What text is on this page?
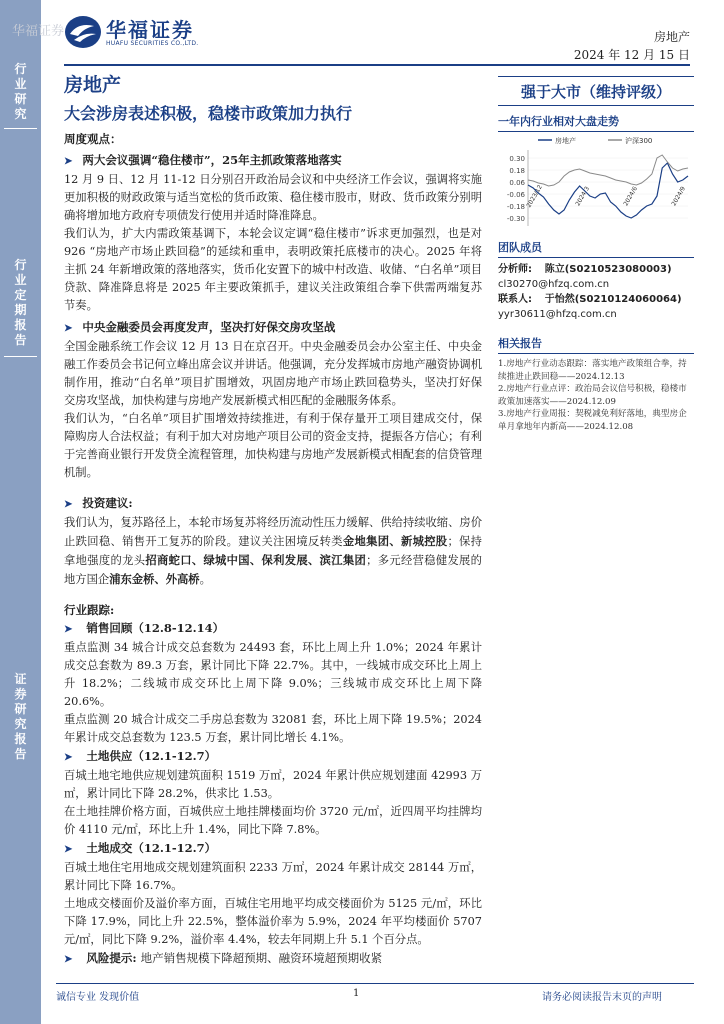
华福证券
行
业
研
究
行
业
定
期
报
告
证
券
研
究
报
告
华福证券
HUAFU SECURITIES CO.,LTD.	房地产
2024 年 12 月 15 日
房地产
大会涉房表述积极，稳楼市政策加力执行
周度观点：
➤ 两大会议强调“稳住楼市”，25年主抓政策落地落实

12 月 9 日、12 月 11-12 日分别召开政治局会议和中央经济工作会议，强调将实施更加积极的财政政策与适当宽松的货币政策、稳住楼市股市，财政、货币政策分别明确将增加地方政府专项债发行使用并适时降准降息。

我们认为，扩大内需政策基调下，本轮会议定调“稳住楼市”诉求更加强烈，也是对 926 “房地产市场止跌回稳”的延续和重申，表明政策托底楼市的决心。2025 年将主抓 24 年新增政策的落地落实，货币化安置下的城中村改造、收储、“白名单”项目贷款、降准降息将是 2025 年主要政策抓手，建议关注政策组合拳下供需两端复苏节奏。

➤ 中央金融委员会再度发声，坚决打好保交房攻坚战

全国金融系统工作会议 12 月 13 日在京召开。中央金融委员会办公室主任、中央金融工作委员会书记何立峰出席会议并讲话。他强调，充分发挥城市房地产融资协调机制作用，推动“白名单”项目扩围增效，巩固房地产市场止跌回稳势头，坚决打好保交房攻坚战，加快构建与房地产发展新模式相匹配的金融服务体系。

我们认为，“白名单”项目扩围增效持续推进，有利于保存量开工项目建成交付，保障购房人合法权益；有利于加大对房地产项目公司的资金支持，提振各方信心；有利于完善商业银行开发贷全流程管理，加快构建与房地产发展新模式相配套的信贷管理机制。

➤ 投资建议:

我们认为，复苏路径上，本轮市场复苏将经历流动性压力缓解、供给持续收缩、房价止跌回稳、销售开工复苏的阶段。建议关注困境反转类金地集团、新城控股；保持拿地强度的龙头招商蛇口、绿城中国、保利发展、滨江集团；多元经营稳健发展的地方国企浦东金桥、外高桥。

行业跟踪:
➤ 销售回顾（12.8-12.14）

重点监测 34 城合计成交总套数为 24493 套，环比上周上升 1.0%；2024 年累计成交总套数为 89.3 万套，累计同比下降 22.7%。其中，一线城市成交环比上周上升 18.2%；二线城市成交环比上周下降 9.0%；三线城市成交环比上周下降 20.6%。

重点监测 20 城合计成交二手房总套数为 32081 套，环比上周下降 19.5%；2024 年累计成交总套数为 123.5 万套，累计同比增长 4.1%。

➤ 土地供应（12.1-12.7）

百城土地宅地供应规划建筑面积 1519 万㎡，2024 年累计供应规划建面 42993 万㎡，累计同比下降 28.2%，供求比 1.53。

在土地挂牌价格方面，百城供应土地挂牌楼面均价 3720 元/㎡，近四周平均挂牌均价 4110 元/㎡，环比上升 1.4%，同比下降 7.8%。

➤ 土地成交（12.1-12.7）

百城土地住宅用地成交规划建筑面积 2233 万㎡，2024 年累计成交 28144 万㎡，累计同比下降 16.7%。

土地成交楼面价及溢价率方面，百城住宅用地平均成交楼面价为 5125 元/㎡，环比下降 17.9%，同比上升 22.5%，整体溢价率为 5.9%，2024 年平均楼面价 5707 元/㎡，同比下降 9.2%，溢价率 4.4%，较去年同期上升 5.1 个百分点。

➤ 风险提示: 地产销售规模下降超预期、融资环境超预期收紧
强于大市（维持评级）
一年内行业相对大盘走势
0.30
0.18
0.06
-0.06
-0.18
-0.30
2023/12	2024/3	2024/6	2024/9
房地产	沪深300
团队成员
分析师: 陈立(S0210523080003)
cl30270@hfzq.com.cn
联系人: 于怡然(S0210124060064)
yyr30611@hfzq.com.cn
相关报告
1.房地产行业动态跟踪：落实地产政策组合拳，持续推进止跌回稳——2024.12.13
2.房地产行业点评：政治局会议信号积极，稳楼市政策加速落实——2024.12.09
3.房地产行业周报：契税减免利好落地，典型房企单月拿地年内新高——2024.12.08
诚信专业 发现价值	1	请务必阅读报告末页的声明
